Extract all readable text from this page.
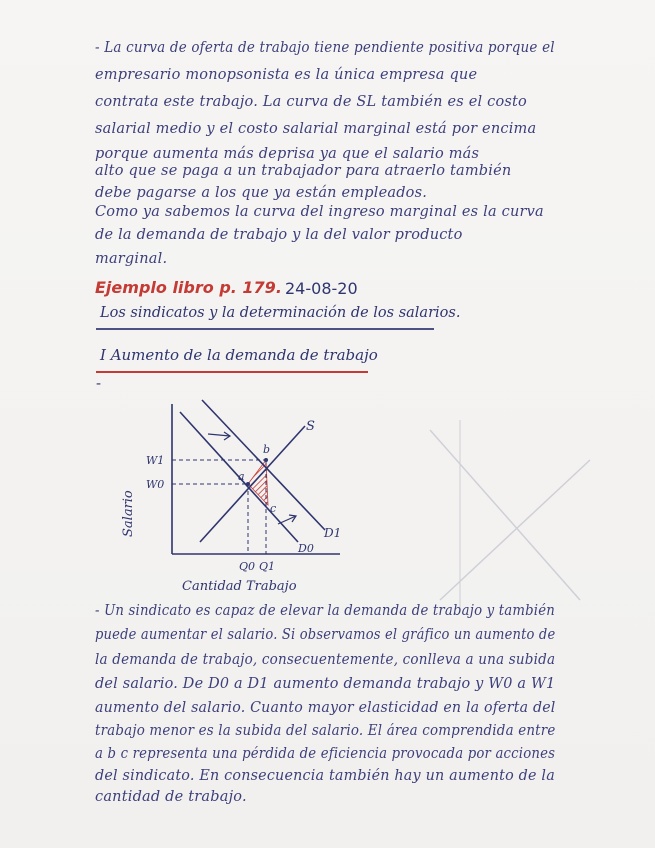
- La curva de oferta de trabajo tiene pendiente positiva porque el
empresario monopsonista es la única empresa que
contrata este trabajo. La curva de SL también es el costo
salarial medio y el costo salarial marginal está por encima
porque aumenta más deprisa ya que el salario más
alto que se paga a un trabajador para atraerlo también
debe pagarse a los que ya están empleados.
Como ya sabemos la curva del ingreso marginal es la curva
de la demanda de trabajo y la del valor producto
marginal.
Ejemplo libro p. 179. 24-08-20
Los sindicatos y la determinación de los salarios.
I Aumento de la demanda de trabajo
-
a
b
c
W1
W0
Q0 Q1
S
D1
D0
Salario
Cantidad Trabajo
- Un sindicato es capaz de elevar la demanda de trabajo y también
puede aumentar el salario. Si observamos el gráfico un aumento de
la demanda de trabajo, consecuentemente, conlleva a una subida
del salario. De D0 a D1 aumento demanda trabajo y W0 a W1
aumento del salario. Cuanto mayor elasticidad en la oferta del
trabajo menor es la subida del salario. El área comprendida entre
a b c representa una pérdida de eficiencia provocada por acciones
del sindicato. En consecuencia también hay un aumento de la
cantidad de trabajo.
